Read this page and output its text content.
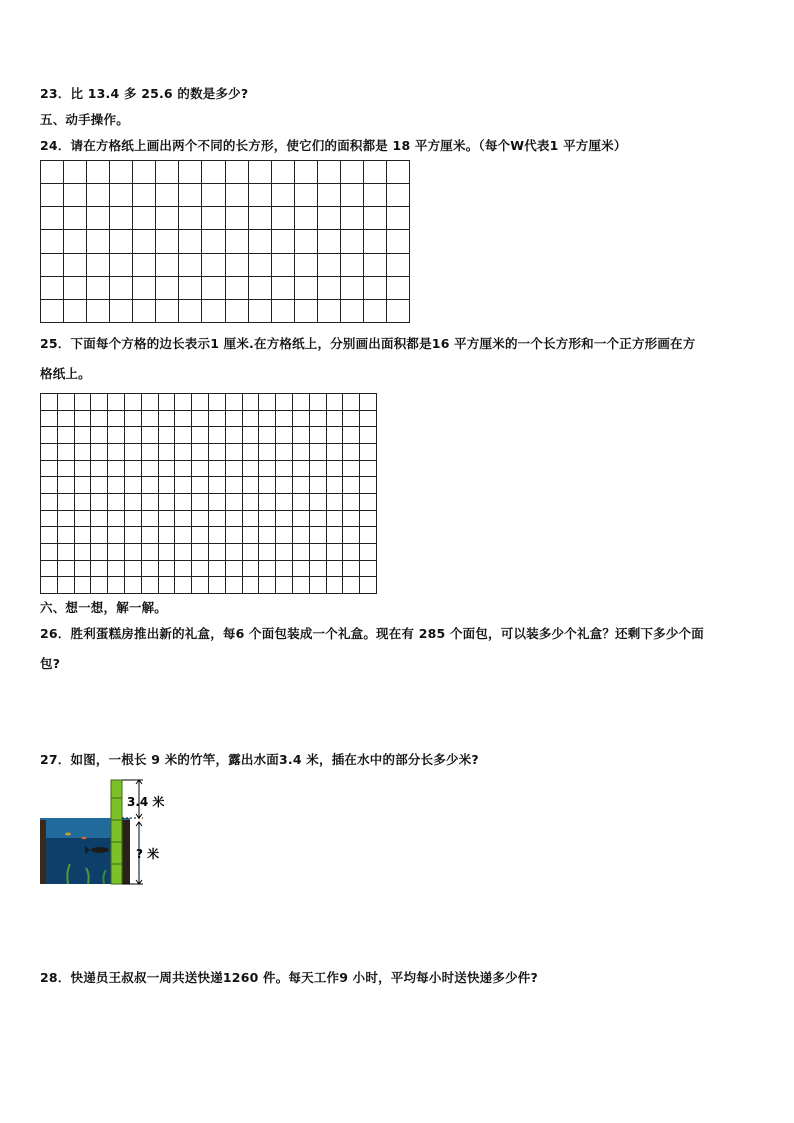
23．比 13.4 多 25.6 的数是多少?
五、动手操作。
24．请在方格纸上画出两个不同的长方形，使它们的面积都是 18 平方厘米。（每个W代表1 平方厘米）
25．下面每个方格的边长表示1 厘米.在方格纸上，分别画出面积都是16 平方厘米的一个长方形和一个正方形画在方
格纸上。
六、想一想，解一解。
26．胜利蛋糕房推出新的礼盒，每6 个面包装成一个礼盒。现在有 285 个面包，可以装多少个礼盒？还剩下多少个面
包?
27．如图，一根长 9 米的竹竿，露出水面3.4 米，插在水中的部分长多少米?
3.4 米
? 米
28．快递员王叔叔一周共送快递1260 件。每天工作9 小时，平均每小时送快递多少件?
